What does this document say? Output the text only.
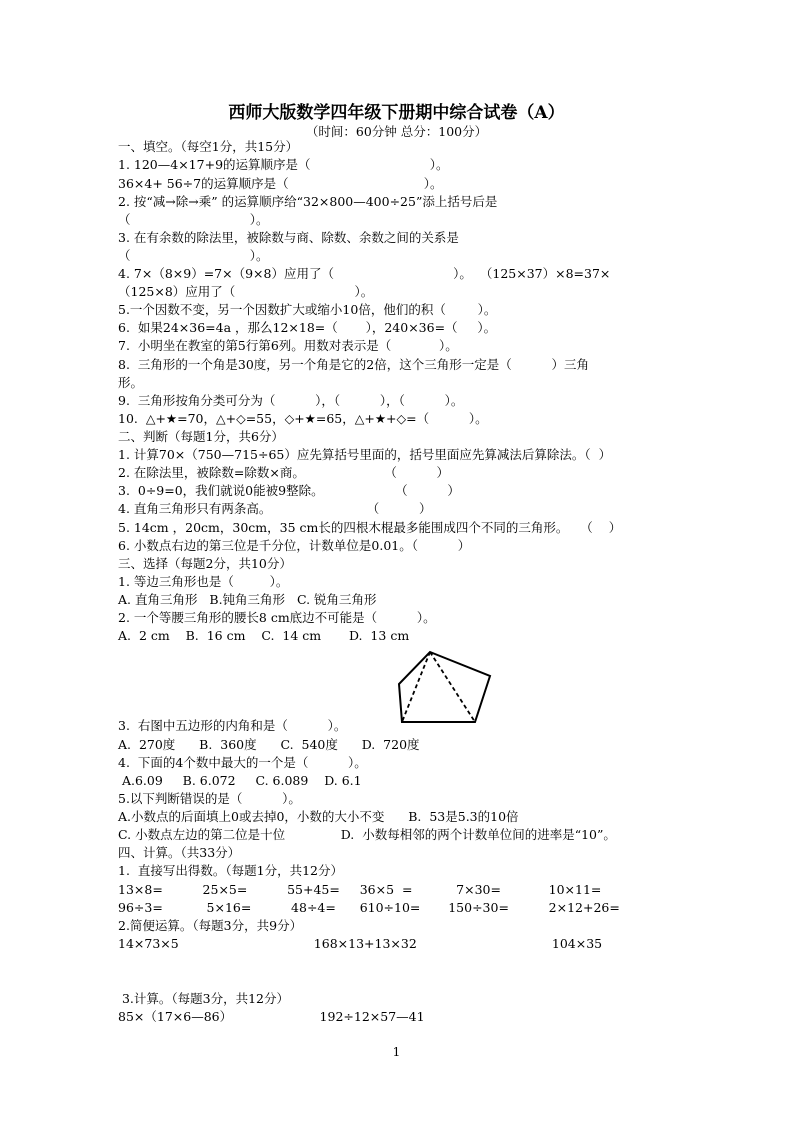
西师大版数学四年级下册期中综合试卷（A）
（时间：60分钟 总分：100分）
一、填空。（每空1分，共15分）
1. 120—4×17+9的运算顺序是（                              ）。
36×4+ 56÷7的运算顺序是（                                  ）。
2. 按“减→除→乘” 的运算顺序给“32×800—400÷25”添上括号后是
（                              ）。
3. 在有余数的除法里，被除数与商、除数、余数之间的关系是
（                              ）。
4. 7×（8×9）=7×（9×8）应用了（                              ）。  （125×37）×8=37×
（125×8）应用了（                              ）。
5.一个因数不变，另一个因数扩大或缩小10倍，他们的积（        ）。
6.  如果24×36=4a ，那么12×18=（       ），240×36=（     ）。
7.  小明坐在教室的第5行第6列。用数对表示是（            ）。
8.  三角形的一个角是30度，另一个角是它的2倍，这个三角形一定是（          ）三角
形。
9.  三角形按角分类可分为（          ），（          ），（          ）。
10.  △+★=70，△+◇=55，◇+★=65，△+★+◇=（          ）。
二、判断（每题1分，共6分）
1. 计算70×（750—715÷65）应先算括号里面的，括号里面应先算减法后算除法。（  ）
2. 在除法里，被除数=除数×商。                    （          ）
3.  0÷9=0，我们就说0能被9整除。                  （          ）
4. 直角三角形只有两条高。                        （          ）
5. 14cm ，20cm，30cm，35 cm长的四根木棍最多能围成四个不同的三角形。   （    ）
6. 小数点右边的第三位是千分位，计数单位是0.01。（          ）
三、选择（每题2分，共10分）
1. 等边三角形也是（         ）。
A. 直角三角形   B.钝角三角形   C. 锐角三角形
2. 一个等腰三角形的腰长8 cm底边不可能是（          ）。
A.  2 cm    B.  16 cm    C.  14 cm       D.  13 cm
3.  右图中五边形的内角和是（          ）。
A.  270度      B.  360度      C.  540度      D.  720度
4.  下面的4个数中最大的一个是（          ）。
A.6.09     B. 6.072     C. 6.089    D. 6.1
5.以下判断错误的是（          ）。
A.小数点的后面填上0或去掉0，小数的大小不变      B.  53是5.3的10倍
C. 小数点左边的第二位是十位              D.  小数每相邻的两个计数单位间的进率是“10”。
四、计算。（共33分）
1.  直接写出得数。（每题1分，共12分）
13×8=          25×5=          55+45=     36×5  =           7×30=            10×11=
96÷3=           5×16=          48÷4=      610÷10=       150÷30=          2×12+26=
2.简便运算。（每题3分，共9分）
14×73×5                                  168×13+13×32                                  104×35
3.计算。（每题3分，共12分）
85×（17×6—86）                      192÷12×57—41
1
